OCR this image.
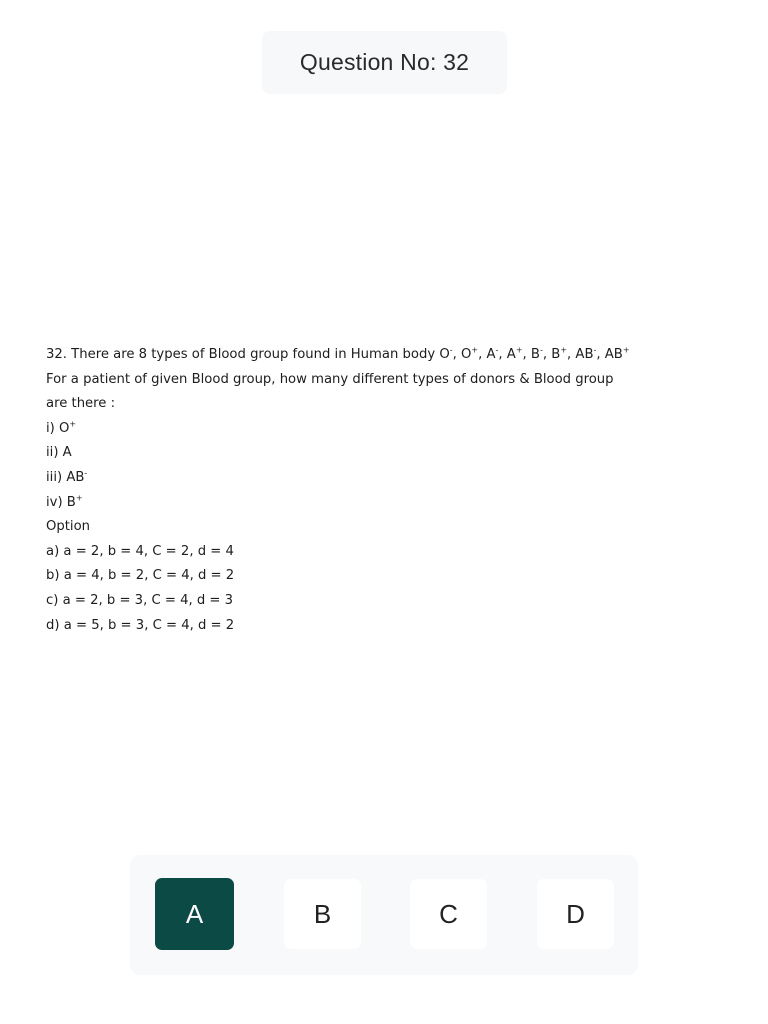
Question No: 32
32. There are 8 types of Blood group found in Human body O-, O+, A-, A+, B-, B+, AB-, AB+
For a patient of given Blood group, how many different types of donors & Blood group
are there :
i) O+
ii) A
iii) AB-
iv) B+
Option
a) a = 2, b = 4, C = 2, d = 4
b) a = 4, b = 2, C = 4, d = 2
c) a = 2, b = 3, C = 4, d = 3
d) a = 5, b = 3, C = 4, d = 2
A	B	C	D
